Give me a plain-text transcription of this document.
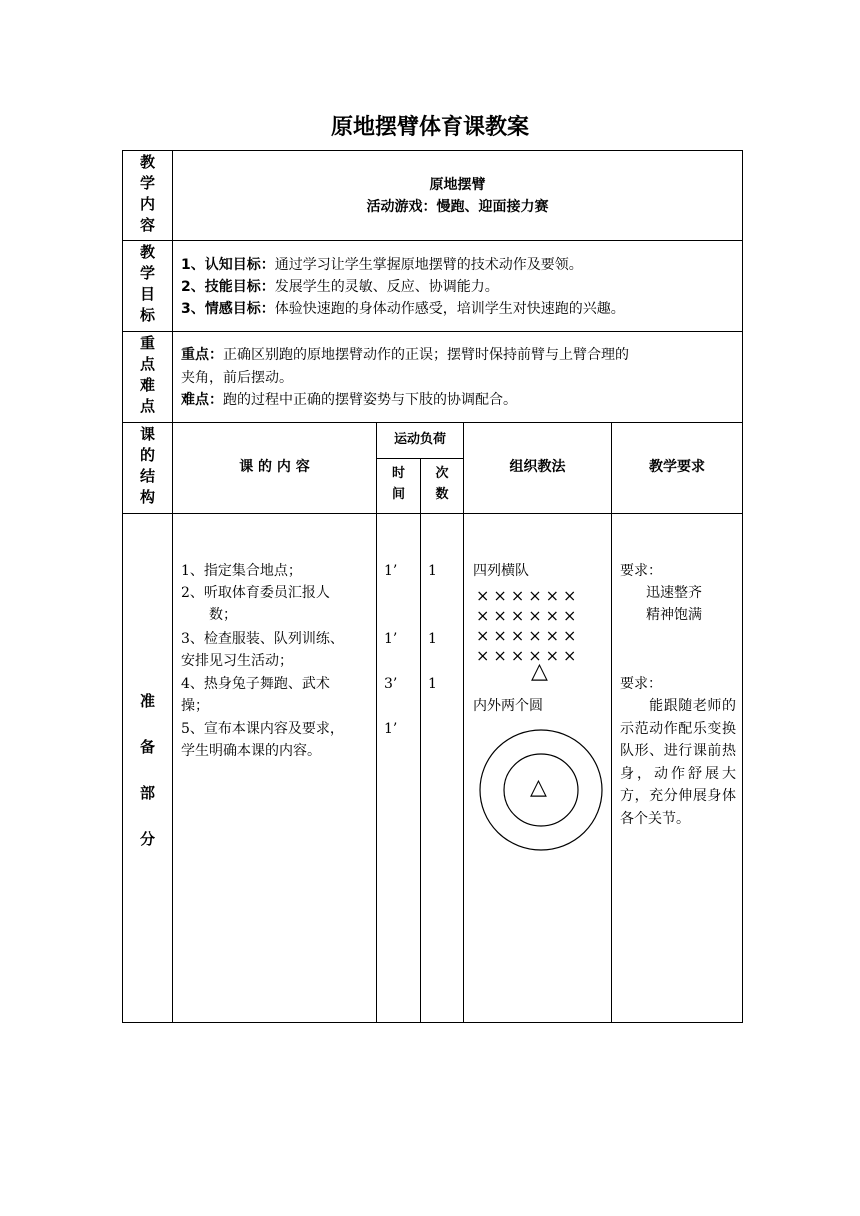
原地摆臂体育课教案
教
学
内
容
原地摆臂
活动游戏：慢跑、迎面接力赛
教
学
目
标
1、认知目标：通过学习让学生掌握原地摆臂的技术动作及要领。
2、技能目标：发展学生的灵敏、反应、协调能力。
3、情感目标：体验快速跑的身体动作感受，培训学生对快速跑的兴趣。
重
点
难
点
重点：正确区别跑的原地摆臂动作的正误；摆臂时保持前臂与上臂合理的
夹角，前后摆动。
难点：跑的过程中正确的摆臂姿势与下肢的协调配合。
课
的
结
构
课 的 内 容
运动负荷
时
间
次
数
组织教法	教学要求
准
备
部
分
1、指定集合地点；
2、听取体育委员汇报人
　　数；
3、检查服装、队列训练、
安排见习生活动；
4、热身兔子舞跑、武术
操；
5、宣布本课内容及要求，
学生明确本课的内容。
1’
1’
3’
1’
1
1
1
四列横队
××××××
××××××
××××××
××××××
△
内外两个圆
△
要求：
迅速整齐
精神饱满
要求：
　　能跟随老师的示范动作配乐变换队形、进行课前热身，动作舒展大方，充分伸展身体各个关节。
